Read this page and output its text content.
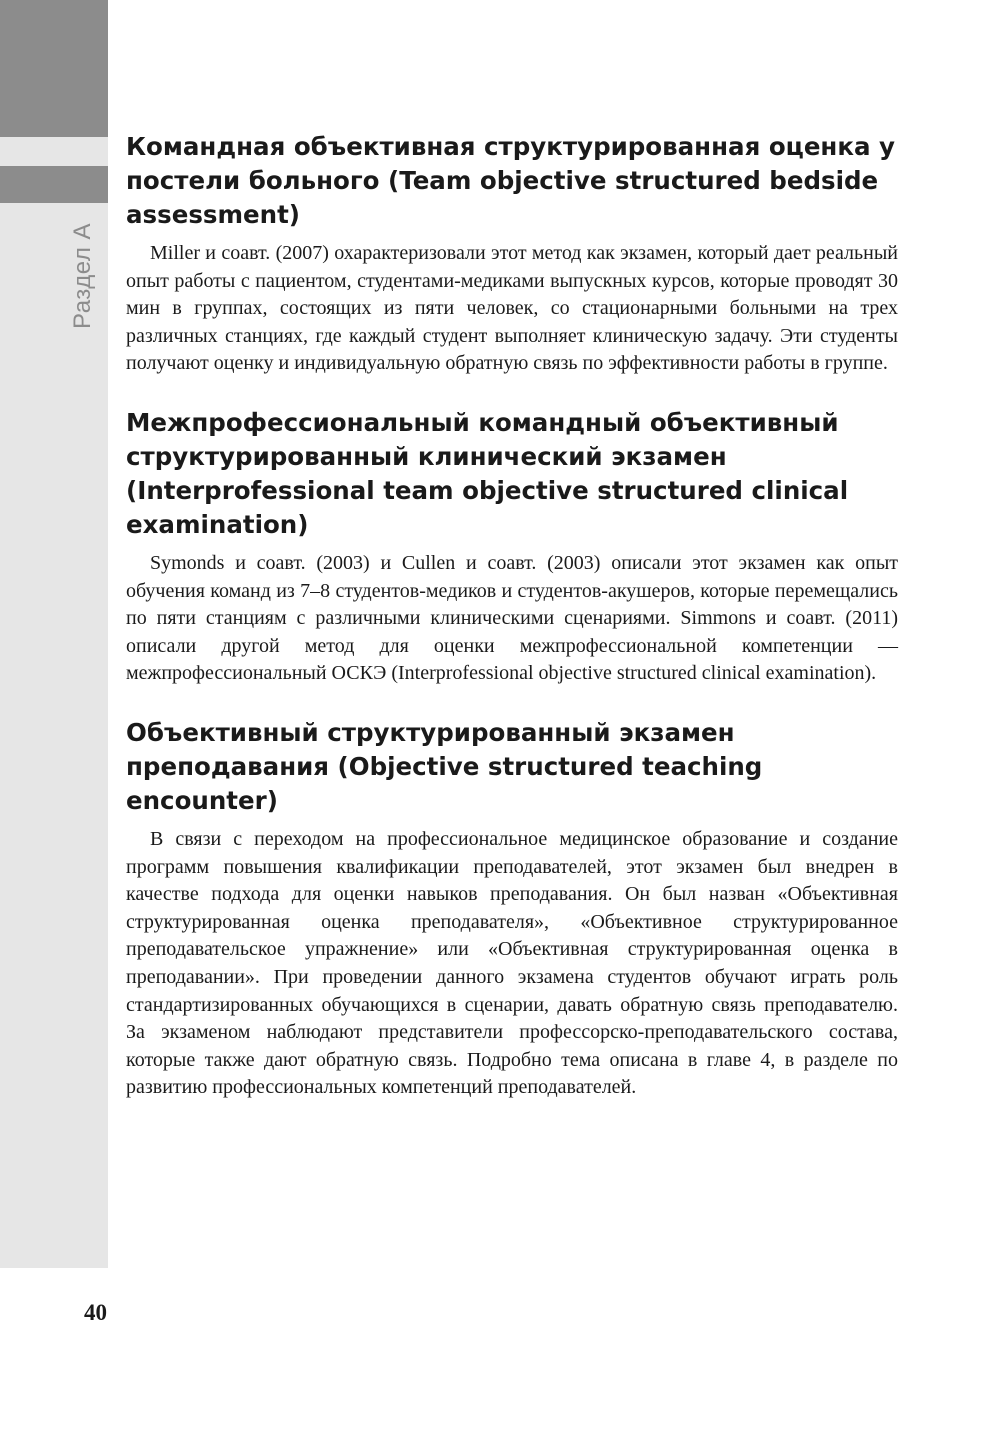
Раздел А
Командная объективная структурированная оценка у постели больного (Team objective structured bedside assessment)

Miller и соавт. (2007) охарактеризовали этот метод как экзамен, который дает реальный опыт работы с пациентом, студентами-медиками выпускных курсов, которые проводят 30 мин в группах, состоящих из пяти человек, со стационарными больными на трех различных станциях, где каждый студент выполняет клиническую задачу. Эти студенты получают оценку и индивидуальную обратную связь по эффективности работы в группе.

Межпрофессиональный командный объективный структурированный клинический экзамен (Interprofessional team objective structured clinical examination)

Symonds и соавт. (2003) и Cullen и соавт. (2003) описали этот экзамен как опыт обучения команд из 7–8 студентов-медиков и студентов-акушеров, которые перемещались по пяти станциям с различными клиническими сценариями. Simmons и соавт. (2011) описали другой метод для оценки межпрофессиональной компетенции — межпрофессиональный ОСКЭ (Interprofessional objective structured clinical examination).

Объективный структурированный экзамен преподавания (Objective structured teaching encounter)

В связи с переходом на профессиональное медицинское образование и создание программ повышения квалификации преподавателей, этот экзамен был внедрен в качестве подхода для оценки навыков преподавания. Он был назван «Объективная структурированная оценка преподавателя», «Объективное структурированное преподавательское упражнение» или «Объективная структурированная оценка в преподавании». При проведении данного экзамена студентов обучают играть роль стандартизированных обучающихся в сценарии, давать обратную связь преподавателю. За экзаменом наблюдают представители профессорско-преподавательского состава, которые также дают обратную связь. Подробно тема описана в главе 4, в разделе по развитию профессиональных компетенций преподавателей.

40
